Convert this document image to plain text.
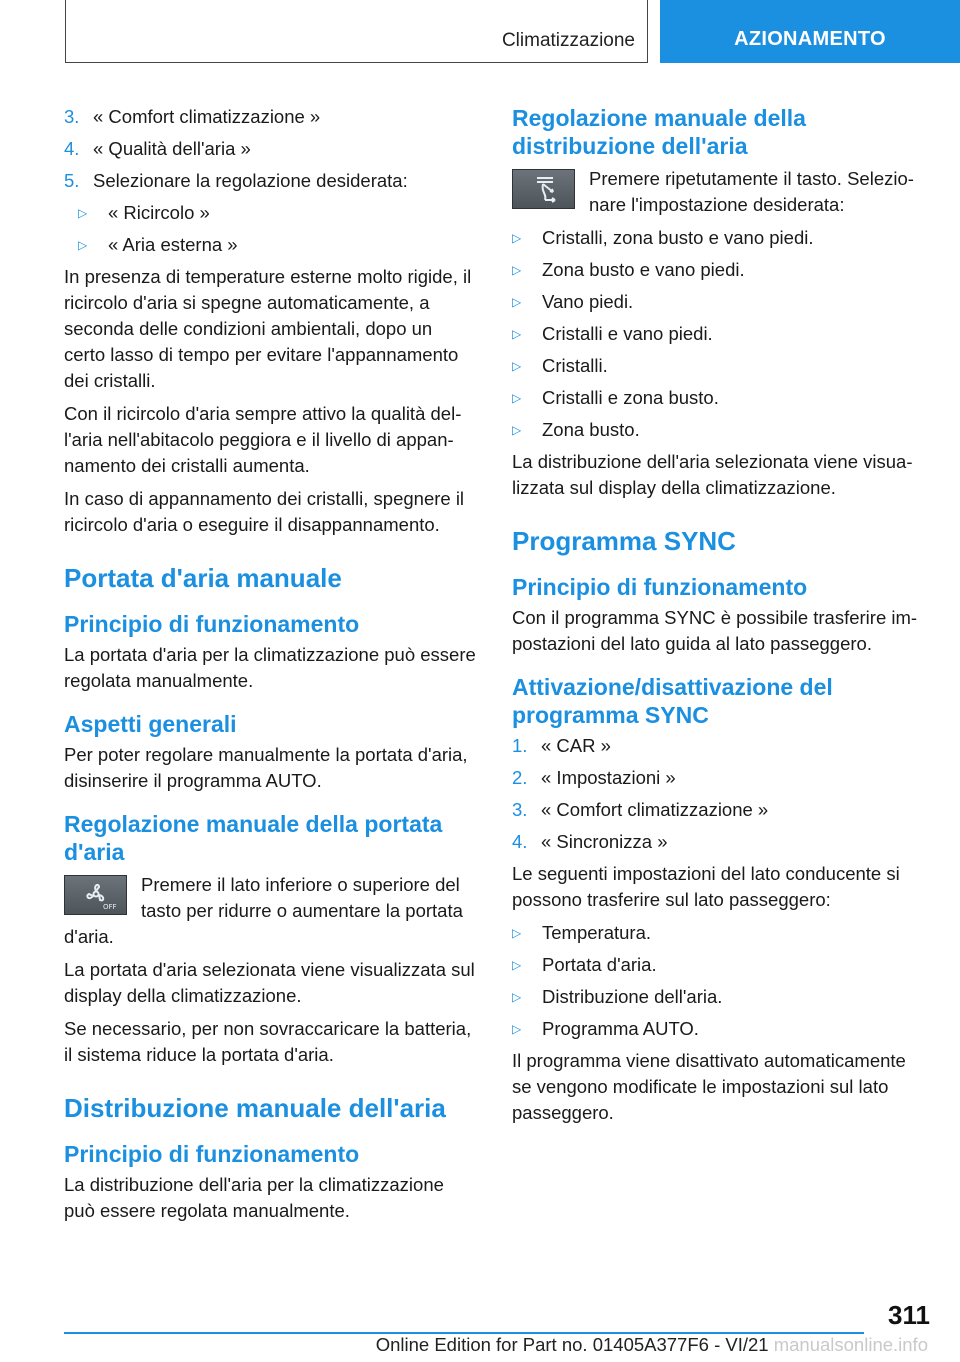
Climatizzazione	AZIONAMENTO
3. « Comfort climatizzazione »
4. « Qualità dell'aria »
5. Selezionare la regolazione desiderata:
▷	« Ricircolo »
▷	« Aria esterna »

In presenza di temperature esterne molto rigide, il ricircolo d'aria si spegne automaticamente, a seconda delle condizioni ambientali, dopo un certo lasso di tempo per evitare l'appannamento dei cristalli.

Con il ricircolo d'aria sempre attivo la qualità dell'aria nell'abitacolo peggiora e il livello di appannamento dei cristalli aumenta.

In caso di appannamento dei cristalli, spegnere il ricircolo d'aria o eseguire il disappannamento.

Portata d'aria manuale
Principio di funzionamento

La portata d'aria per la climatizzazione può essere regolata manualmente.

Aspetti generali

Per poter regolare manualmente la portata d'aria, disinserire il programma AUTO.

Regolazione manuale della portata d'aria
OFF

Premere il lato inferiore o superiore del tasto per ridurre o aumentare la portata d'aria.

La portata d'aria selezionata viene visualizzata sul display della climatizzazione.

Se necessario, per non sovraccaricare la batteria, il sistema riduce la portata d'aria.

Distribuzione manuale dell'aria
Principio di funzionamento

La distribuzione dell'aria per la climatizzazione può essere regolata manualmente.

Regolazione manuale della distribuzione dell'aria

Premere ripetutamente il tasto. Selezionare l'impostazione desiderata:

▷	Cristalli, zona busto e vano piedi.
▷	Zona busto e vano piedi.
▷	Vano piedi.
▷	Cristalli e vano piedi.
▷	Cristalli.
▷	Cristalli e zona busto.
▷	Zona busto.

La distribuzione dell'aria selezionata viene visualizzata sul display della climatizzazione.

Programma SYNC
Principio di funzionamento

Con il programma SYNC è possibile trasferire impostazioni del lato guida al lato passeggero.

Attivazione/disattivazione del programma SYNC
1. « CAR »
2. « Impostazioni »
3. « Comfort climatizzazione »
4. « Sincronizza »

Le seguenti impostazioni del lato conducente si possono trasferire sul lato passeggero:

▷	Temperatura.
▷	Portata d'aria.
▷	Distribuzione dell'aria.
▷	Programma AUTO.

Il programma viene disattivato automaticamente se vengono modificate le impostazioni sul lato passeggero.

311
Online Edition for Part no. 01405A377F6 - VI/21 manualsonline.info
